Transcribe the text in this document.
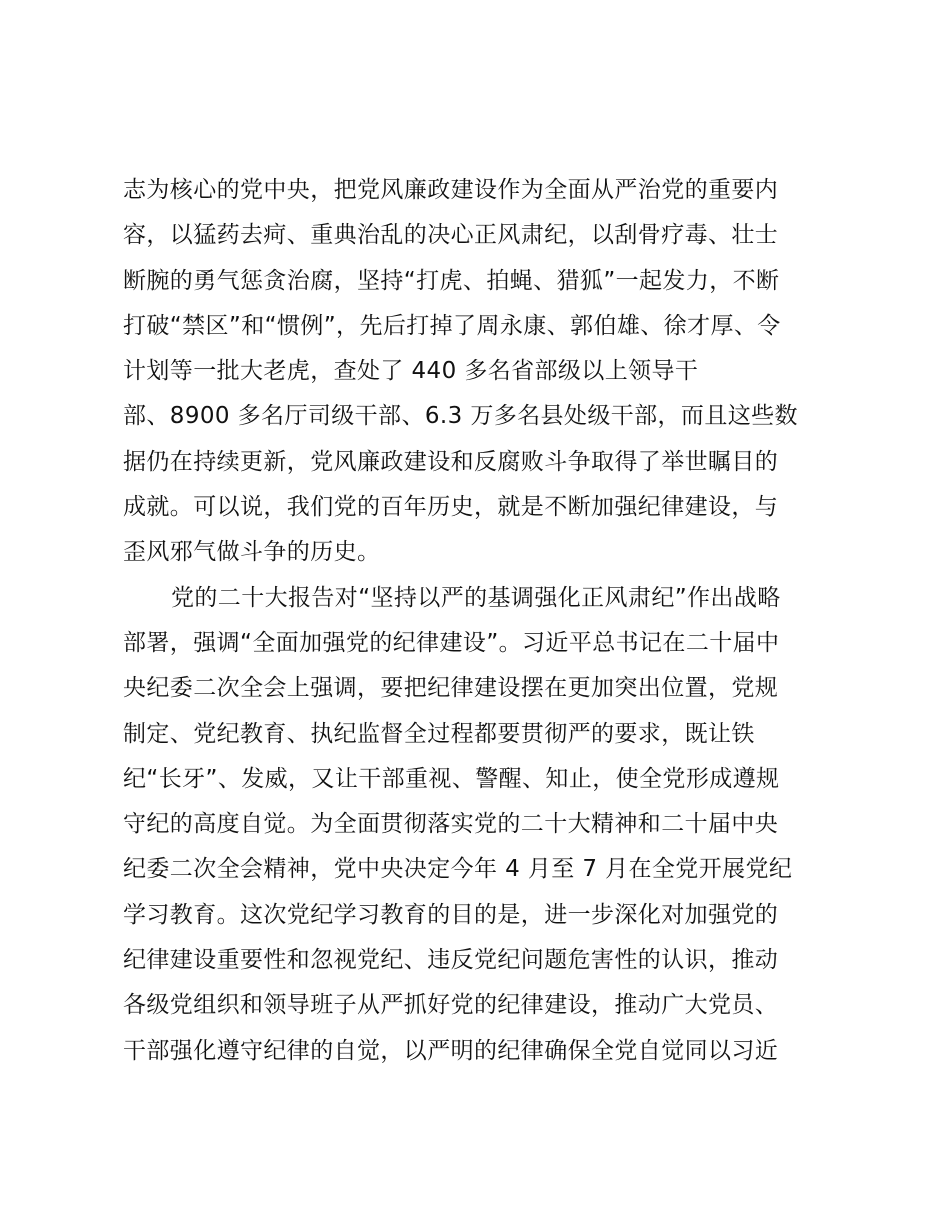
志为核心的党中央，把党风廉政建设作为全面从严治党的重要内
容，以猛药去疴、重典治乱的决心正风肃纪，以刮骨疗毒、壮士
断腕的勇气惩贪治腐，坚持“打虎、拍蝇、猎狐”一起发力，不断
打破“禁区”和“惯例”，先后打掉了周永康、郭伯雄、徐才厚、令
计划等一批大老虎，查处了 440 多名省部级以上领导干
部、8900 多名厅司级干部、6.3 万多名县处级干部，而且这些数
据仍在持续更新，党风廉政建设和反腐败斗争取得了举世瞩目的
成就。可以说，我们党的百年历史，就是不断加强纪律建设，与
歪风邪气做斗争的历史。
党的二十大报告对“坚持以严的基调强化正风肃纪”作出战略
部署，强调“全面加强党的纪律建设”。习近平总书记在二十届中
央纪委二次全会上强调，要把纪律建设摆在更加突出位置，党规
制定、党纪教育、执纪监督全过程都要贯彻严的要求，既让铁
纪“长牙”、发威，又让干部重视、警醒、知止，使全党形成遵规
守纪的高度自觉。为全面贯彻落实党的二十大精神和二十届中央
纪委二次全会精神，党中央决定今年 4 月至 7 月在全党开展党纪
学习教育。这次党纪学习教育的目的是，进一步深化对加强党的
纪律建设重要性和忽视党纪、违反党纪问题危害性的认识，推动
各级党组织和领导班子从严抓好党的纪律建设，推动广大党员、
干部强化遵守纪律的自觉，以严明的纪律确保全党自觉同以习近
